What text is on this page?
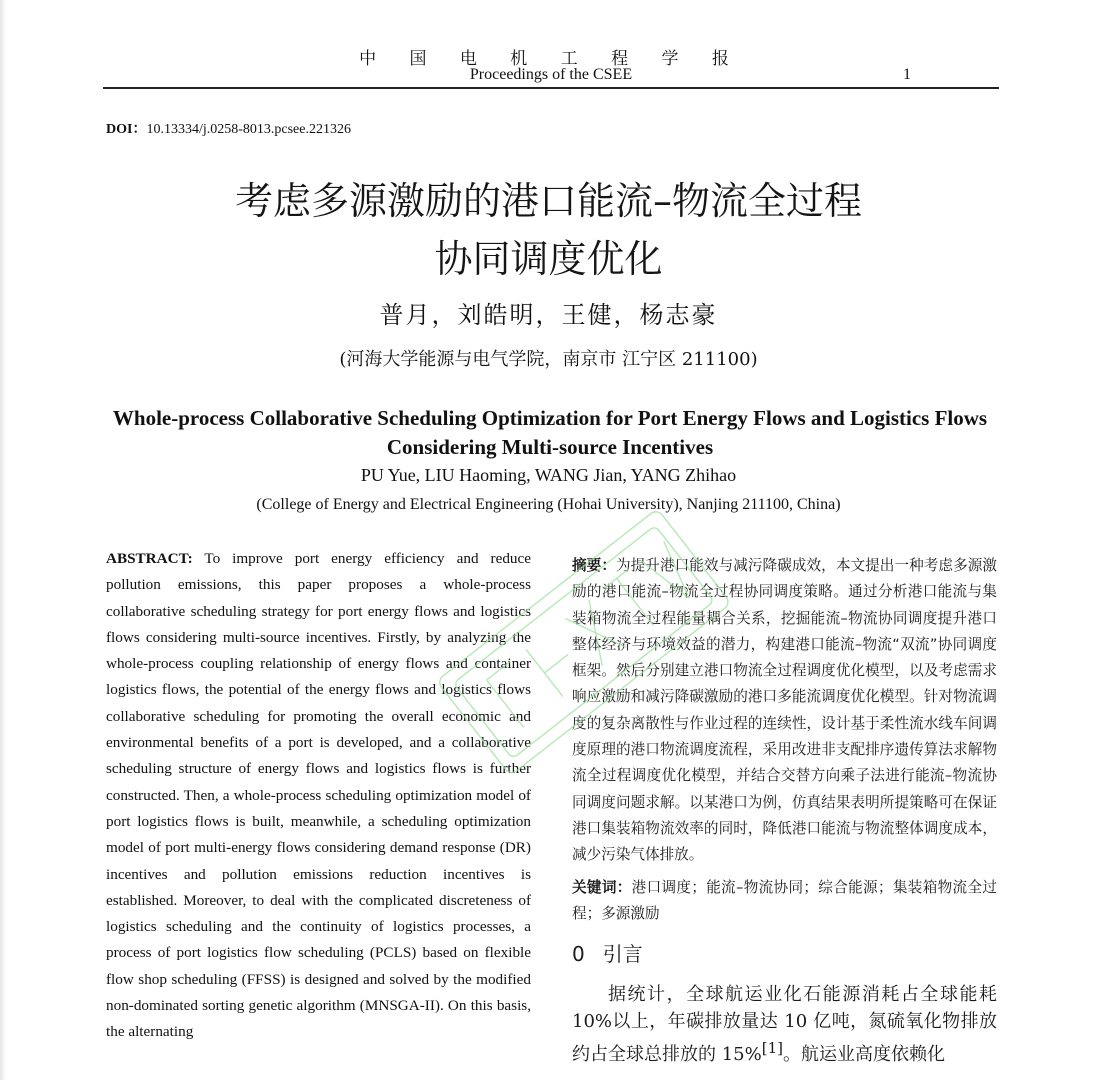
中 国 电 机 工 程 学 报
Proceedings of the CSEE	1
DOI：10.13334/j.0258-8013.pcsee.221326
考虑多源激励的港口能流–物流全过程
协同调度优化
普月，刘皓明，王健，杨志豪
(河海大学能源与电气学院，南京市 江宁区 211100)
Whole-process Collaborative Scheduling Optimization for Port Energy Flows and Logistics Flows Considering Multi-source Incentives
PU Yue, LIU Haoming, WANG Jian, YANG Zhihao
(College of Energy and Electrical Engineering (Hohai University), Nanjing 211100, China)
ABSTRACT: To improve port energy efficiency and reduce pollution emissions, this paper proposes a whole-process collaborative scheduling strategy for port energy flows and logistics flows considering multi-source incentives. Firstly, by analyzing the whole-process coupling relationship of energy flows and container logistics flows, the potential of the energy flows and logistics flows collaborative scheduling for promoting the overall economic and environmental benefits of a port is developed, and a collaborative scheduling structure of energy flows and logistics flows is further constructed. Then, a whole-process scheduling optimization model of port logistics flows is built, meanwhile, a scheduling optimization model of port multi-energy flows considering demand response (DR) incentives and pollution emissions reduction incentives is established. Moreover, to deal with the complicated discreteness of logistics scheduling and the continuity of logistics processes, a process of port logistics flow scheduling (PCLS) based on flexible flow shop scheduling (FFSS) is designed and solved by the modified non-dominated sorting genetic algorithm (MNSGA-II). On this basis, the alternating
摘要：为提升港口能效与减污降碳成效，本文提出一种考虑多源激励的港口能流–物流全过程协同调度策略。通过分析港口能流与集装箱物流全过程能量耦合关系，挖掘能流–物流协同调度提升港口整体经济与环境效益的潜力，构建港口能流–物流“双流”协同调度框架。然后分别建立港口物流全过程调度优化模型，以及考虑需求响应激励和减污降碳激励的港口多能流调度优化模型。针对物流调度的复杂离散性与作业过程的连续性，设计基于柔性流水线车间调度原理的港口物流调度流程，采用改进非支配排序遗传算法求解物流全过程调度优化模型，并结合交替方向乘子法进行能流–物流协同调度问题求解。以某港口为例，仿真结果表明所提策略可在保证港口集装箱物流效率的同时，降低港口能流与物流整体调度成本，减少污染气体排放。
关键词：港口调度；能流–物流协同；综合能源；集装箱物流全过程；多源激励
0 引言
据统计，全球航运业化石能源消耗占全球能耗 10%以上，年碳排放量达 10 亿吨，氮硫氧化物排放约占全球总排放的 15%[1]。航运业高度依赖化
